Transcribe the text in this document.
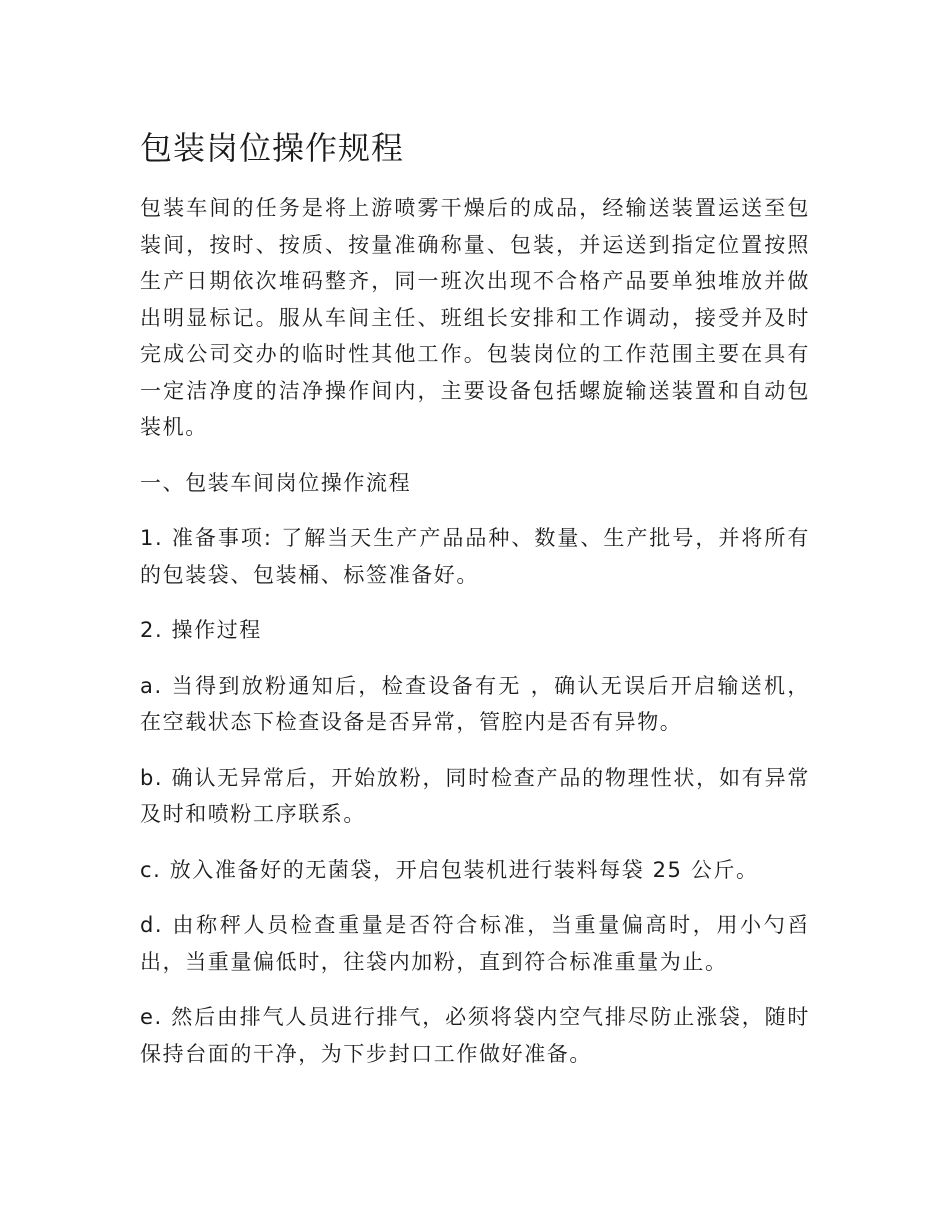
包装岗位操作规程

包装车间的任务是将上游喷雾干燥后的成品，经输送装置运送至包装间，按时、按质、按量准确称量、包装，并运送到指定位置按照生产日期依次堆码整齐，同一班次出现不合格产品要单独堆放并做出明显标记。服从车间主任、班组长安排和工作调动，接受并及时完成公司交办的临时性其他工作。包装岗位的工作范围主要在具有一定洁净度的洁净操作间内，主要设备包括螺旋输送装置和自动包装机。

一、包装车间岗位操作流程

1. 准备事项: 了解当天生产产品品种、数量、生产批号，并将所有的包装袋、包装桶、标签准备好。

2. 操作过程

a. 当得到放粉通知后，检查设备有无 ，确认无误后开启输送机，在空载状态下检查设备是否异常，管腔内是否有异物。

b. 确认无异常后，开始放粉，同时检查产品的物理性状，如有异常及时和喷粉工序联系。

c. 放入准备好的无菌袋，开启包装机进行装料每袋 25 公斤。

d. 由称秤人员检查重量是否符合标准，当重量偏高时，用小勺舀出，当重量偏低时，往袋内加粉，直到符合标准重量为止。

e. 然后由排气人员进行排气，必须将袋内空气排尽防止涨袋，随时保持台面的干净，为下步封口工作做好准备。
